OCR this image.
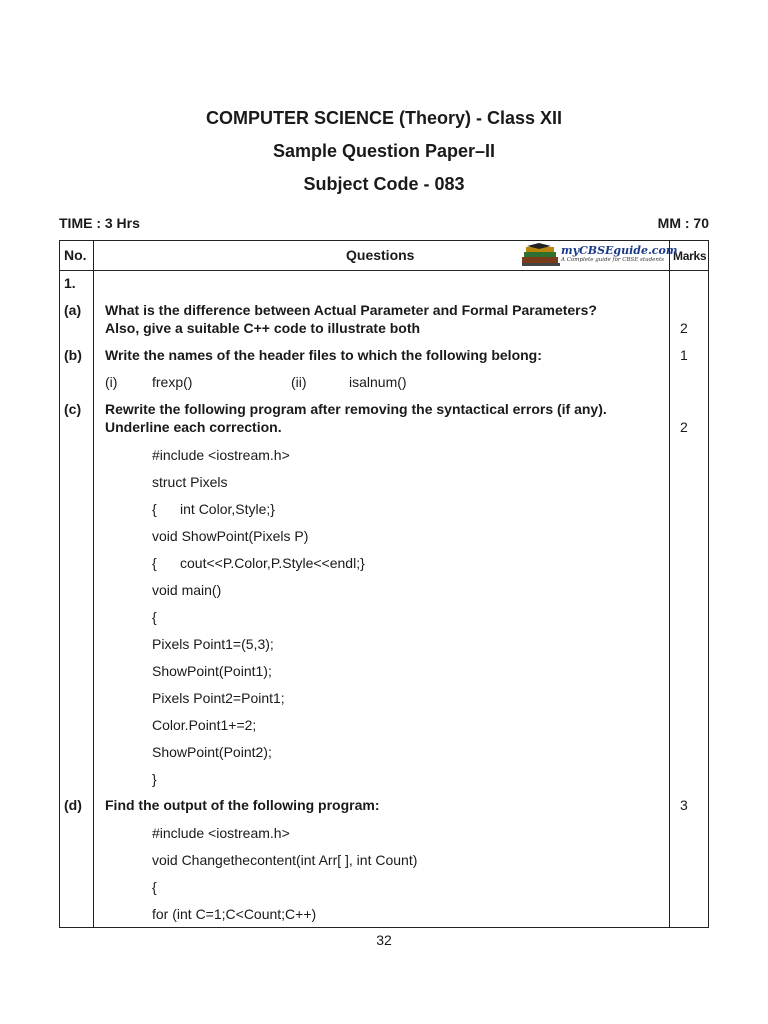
COMPUTER SCIENCE (Theory) - Class XII
Sample Question Paper–II
Subject Code - 083
TIME : 3 Hrs	MM : 70
No.	Questions	Marks
myCBSEguide.com
A Complete guide for CBSE students
1.
(a) What is the difference between Actual Parameter and Formal Parameters?
Also, give a suitable C++ code to illustrate both	2
(b) Write the names of the header files to which the following belong:	1
(i) frexp()	(ii)	isalnum()
(c) Rewrite the following program after removing the syntactical errors (if any).
Underline each correction.	2
#include <iostream.h>
struct Pixels
{      int Color,Style;}
void ShowPoint(Pixels P)
{      cout<<P.Color,P.Style<<endl;}
void main()
{
Pixels Point1=(5,3);
ShowPoint(Point1);
Pixels Point2=Point1;
Color.Point1+=2;
ShowPoint(Point2);
}
(d) Find the output of the following program:	3
#include <iostream.h>
void Changethecontent(int Arr[ ], int Count)
{
for (int C=1;C<Count;C++)
32
